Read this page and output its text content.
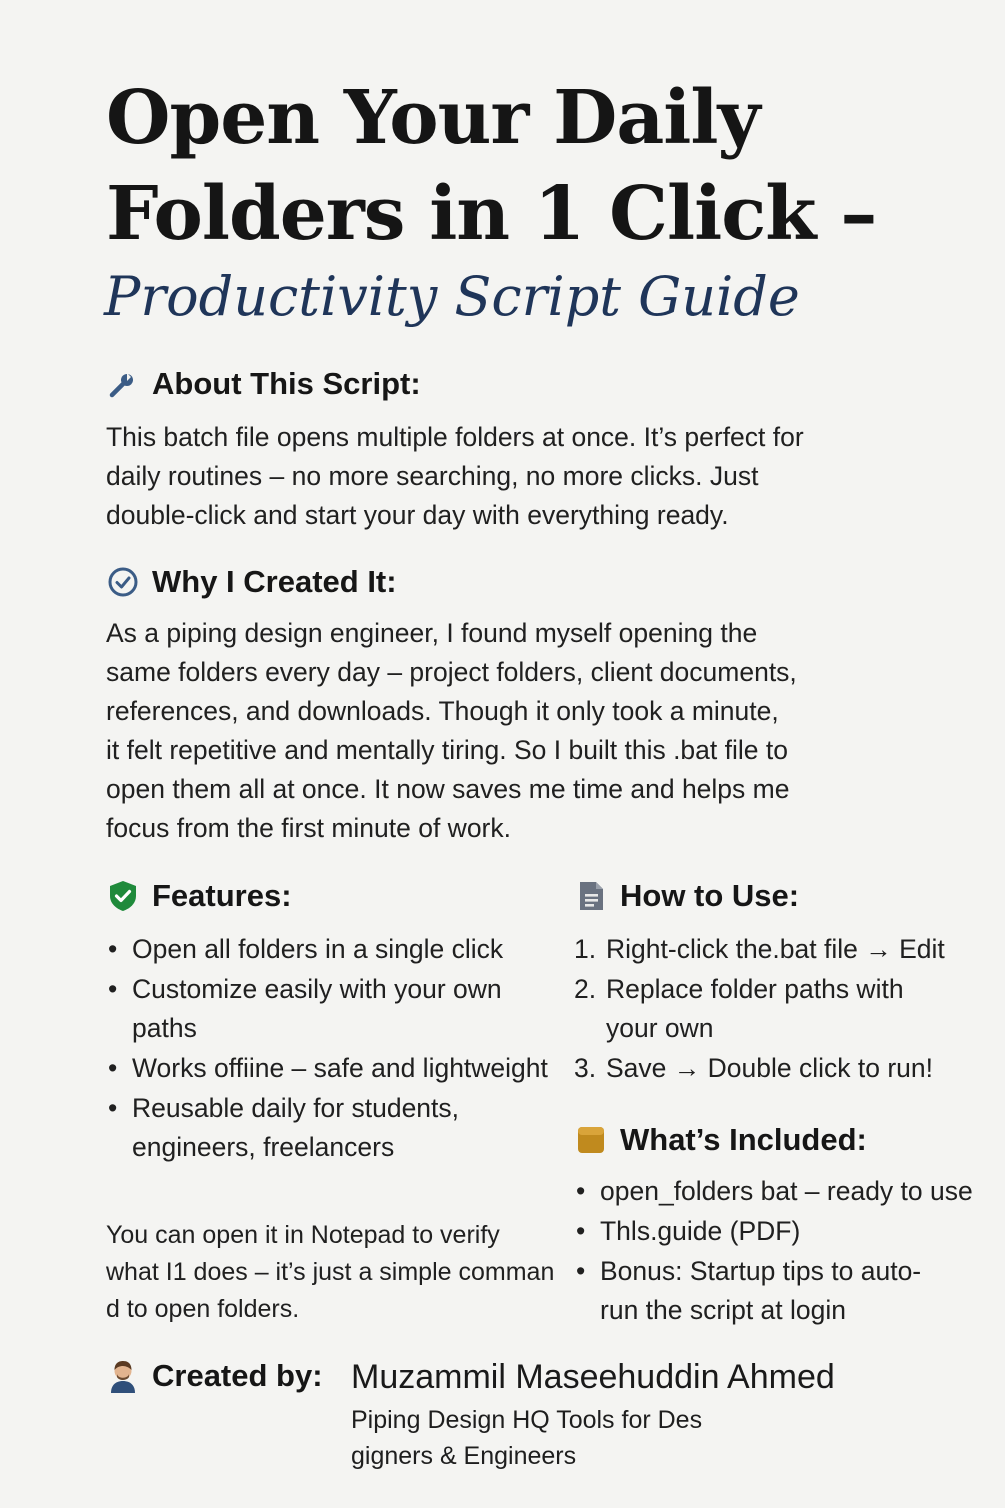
Open Your Daily
Folders in 1 Click –
Productivity Script Guide
About This Script:
This batch file opens multiple folders at once. It’s perfect for
daily routines – no more searching, no more clicks. Just
double-click and start your day with everything ready.
Why I Created It:
As a piping design engineer, I found myself opening the
same folders every day – project folders, client documents,
references, and downloads. Though it only took a minute,
it felt repetitive and mentally tiring. So I built this .bat file to
open them all at once. It now saves me time and helps me
focus from the first minute of work.
Features:
• Open all folders in a single click
• Customize easily with your own paths
• Works offiine – safe and lightweight
• Reusable daily for students, engineers, freelancers
You can open it in Notepad to verify
what I1 does – it’s just a simple comman
d to open folders.
How to Use:
1. Right-click the.bat file → Edit
2. Replace folder paths with your own
3. Save → Double click to run!
What’s Included:
• open_folders bat – ready to use
• Thls.guide (PDF)
• Bonus: Startup tips to auto-run the script at login
Created by: Muzammil Maseehuddin Ahmed
Piping Design HQ Tools for Des
gigners & Engineers
